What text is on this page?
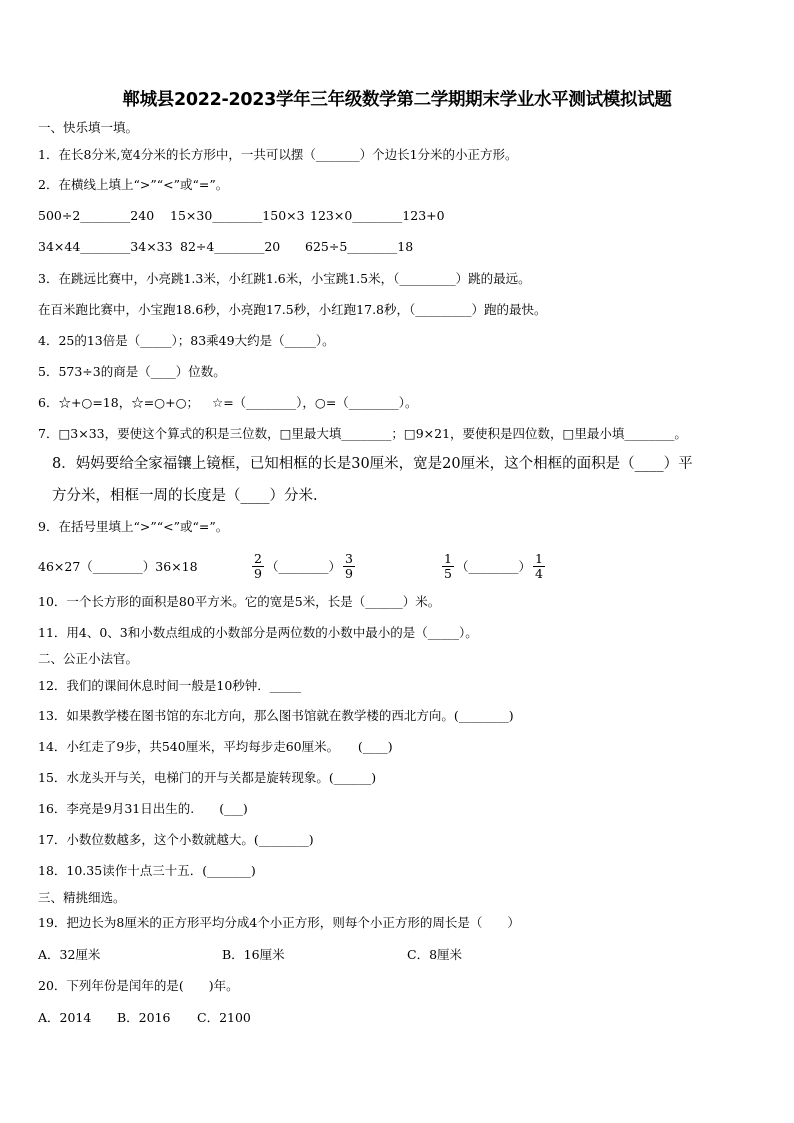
郸城县2022-2023学年三年级数学第二学期期末学业水平测试模拟试题
一、快乐填一填。
1．在长8分米,宽4分米的长方形中，一共可以摆（_______）个边长1分米的小正方形。
2．在横线上填上“>”“<”或“=”。
500÷2________240 15×30________150×3 123×0________123+0
34×44________34×33 82÷4________20 625÷5________18
3．在跳远比赛中，小亮跳1.3米，小红跳1.6米，小宝跳1.5米，（_________）跳的最远。
在百米跑比赛中，小宝跑18.6秒，小亮跑17.5秒，小红跑17.8秒，（_________）跑的最快。
4．25的13倍是（_____）；83乘49大约是（_____）。
5．573÷3的商是（____）位数。
6．☆+○=18，☆=○+○； ☆=（________），○=（________）。
7．□3×33，要使这个算式的积是三位数，□里最大填________；□9×21，要使积是四位数，□里最小填________。
8．妈妈要给全家福镶上镜框，已知相框的长是30厘米，宽是20厘米，这个相框的面积是（____）平
方分米，相框一周的长度是（____）分米.
9．在括号里填上“>”“<”或“=”。
46×27（________）36×18	$\frac{2}{9}$ （________） $\frac{3}{9}$	$\frac{1}{5}$ （________） $\frac{1}{4}$
10．一个长方形的面积是80平方米。它的宽是5米，长是（______）米。
11．用4、0、3和小数点组成的小数部分是两位数的小数中最小的是（_____）。
二、公正小法官。
12．我们的课间休息时间一般是10秒钟．_____
13．如果教学楼在图书馆的东北方向，那么图书馆就在教学楼的西北方向。(________)
14．小红走了9步，共540厘米，平均每步走60厘米。　　(____)
15．水龙头开与关，电梯门的开与关都是旋转现象。(______)
16．李亮是9月31日出生的.　　(___)
17．小数位数越多，这个小数就越大。(________)
18．10.35读作十点三十五．(_______)
三、精挑细选。
19．把边长为8厘米的正方形平均分成4个小正方形，则每个小正方形的周长是（　　）
A．32厘米	B．16厘米	C．8厘米
20．下列年份是闰年的是(　　)年。
A．2014 B．2016 C．2100
